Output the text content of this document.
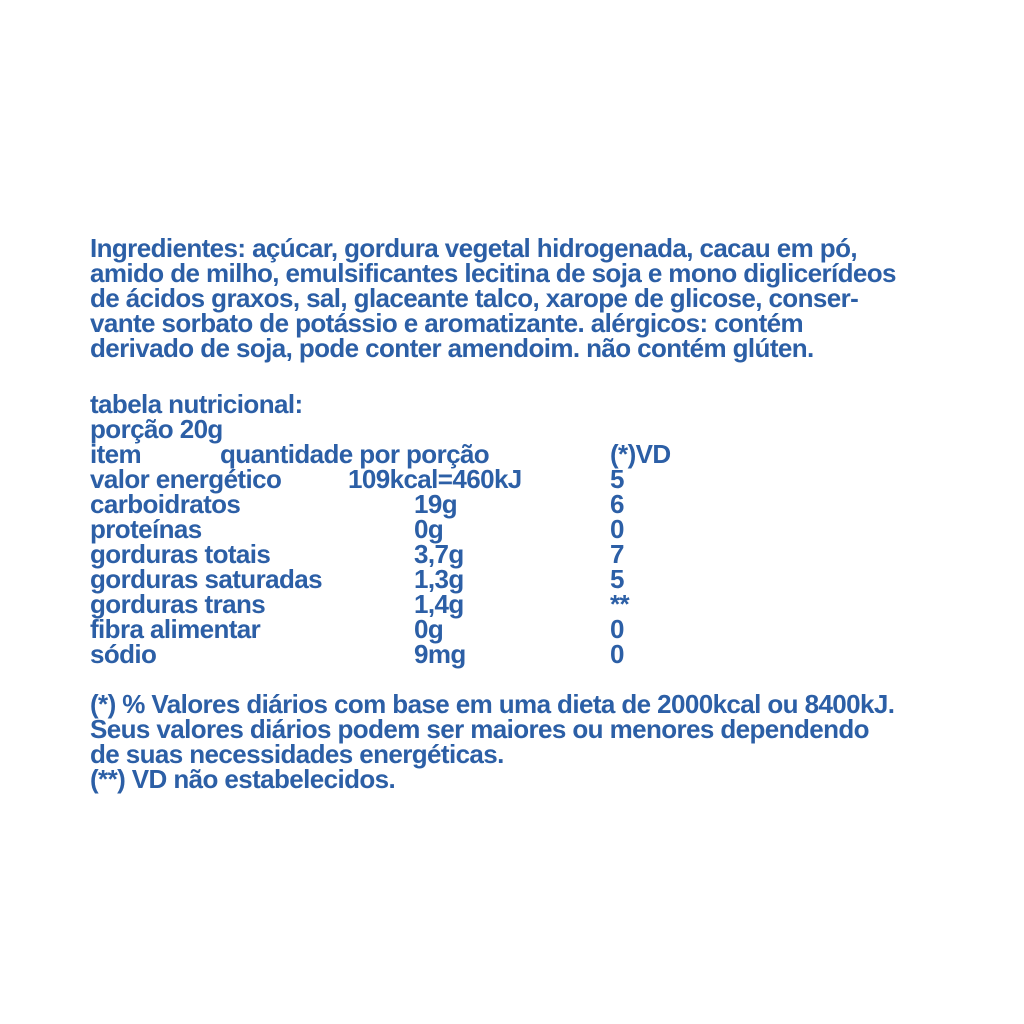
Ingredientes: açúcar, gordura vegetal hidrogenada, cacau em pó,
amido de milho, emulsificantes lecitina de soja e mono diglicerídeos
de ácidos graxos, sal, glaceante talco, xarope de glicose, conser-
vante sorbato de potássio e aromatizante. alérgicos: contém
derivado de soja, pode conter amendoim. não contém glúten.
tabela nutricional:
porção 20g
item	quantidade por porção	(*)VD
valor energético	109kcal=460kJ	5
carboidratos	19g	6
proteínas	0g	0
gorduras totais	3,7g	7
gorduras saturadas	1,3g	5
gorduras trans	1,4g	**
fibra alimentar	0g	0
sódio	9mg	0
(*) % Valores diários com base em uma dieta de 2000kcal ou 8400kJ.
Seus valores diários podem ser maiores ou menores dependendo
de suas necessidades energéticas.
(**) VD não estabelecidos.
